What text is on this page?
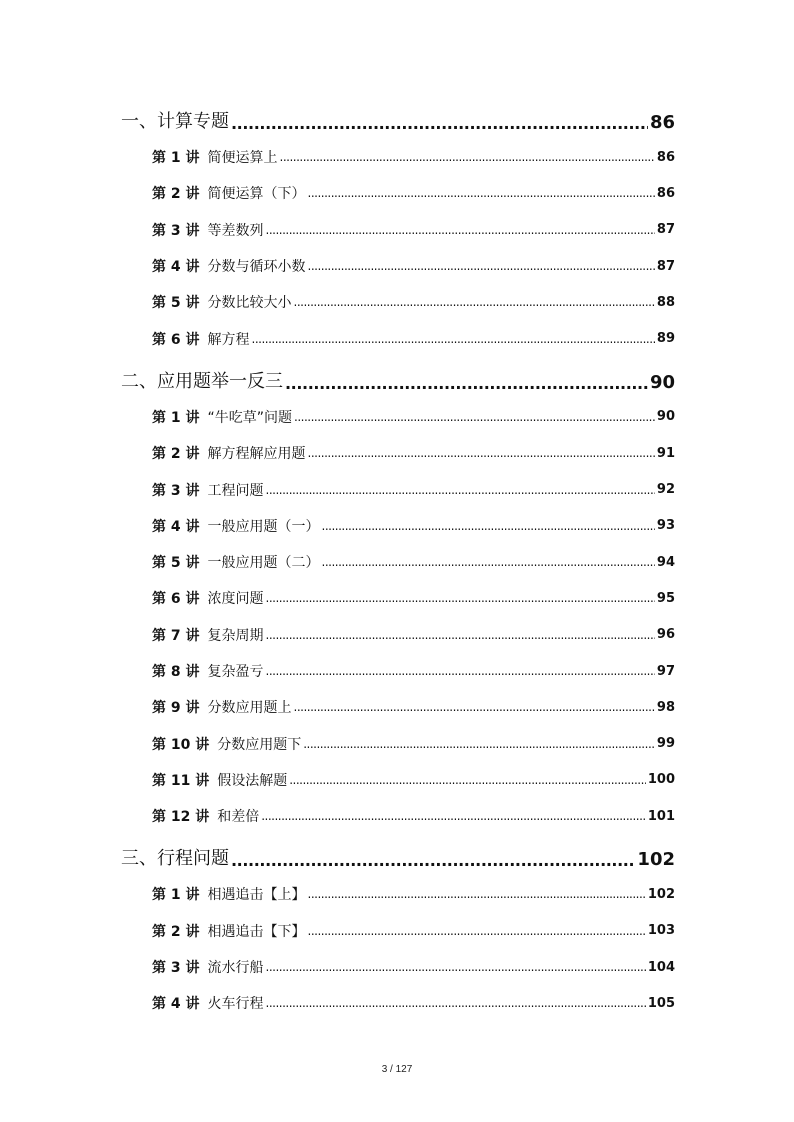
一、计算专题 .....	86
第 1 讲 简便运算上 .....	86
第 2 讲 简便运算（下） .....	86
第 3 讲 等差数列 .....	87
第 4 讲 分数与循环小数 .....	87
第 5 讲 分数比较大小 .....	88
第 6 讲 解方程 .....	89
二、应用题举一反三 .....	90
第 1 讲 “牛吃草”问题 .....	90
第 2 讲 解方程解应用题 .....	91
第 3 讲 工程问题 .....	92
第 4 讲 一般应用题（一） .....	93
第 5 讲 一般应用题（二） .....	94
第 6 讲 浓度问题 .....	95
第 7 讲 复杂周期 .....	96
第 8 讲 复杂盈亏 .....	97
第 9 讲 分数应用题上 .....	98
第 10 讲 分数应用题下 .....	99
第 11 讲 假设法解题 .....	100
第 12 讲 和差倍 .....	101
三、行程问题 .....	102
第 1 讲 相遇追击【上】 .....	102
第 2 讲 相遇追击【下】 .....	103
第 3 讲 流水行船 .....	104
第 4 讲 火车行程 .....	105
3 / 127
